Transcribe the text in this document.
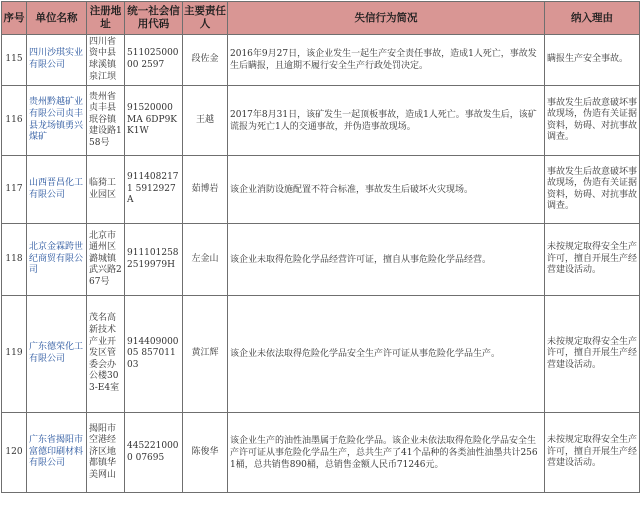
序号	单位名称	注册地址	统一社会信用代码	主要责任人	失信行为简况	纳入理由
115	四川沙琪实业有限公司	四川省资中县球溪镇泉江坝	51102500000 2597	段佐金	2016年9月27日，该企业发生一起生产安全责任事故，造成1人死亡，事故发生后瞒报，且逾期不履行安全生产行政处罚决定。	瞒报生产安全事故。
116	贵州黔越矿业有限公司贞丰县龙场镇勇兴煤矿	贵州省贞丰县珉谷镇建设路158号	91520000MA 6DP9KK1W	王越	2017年8月31日，该矿发生一起顶板事故，造成1人死亡。事故发生后，该矿谎报为死亡1人的交通事故，并伪造事故现场。	事故发生后故意破坏事故现场，伪造有关证据资料，妨碍、对抗事故调查。
117	山西晋昌化工有限公司	临猗工业园区	9114082171 5912927A	茹博岩	该企业消防设施配置不符合标准，事故发生后破坏火灾现场。	事故发生后故意破坏事故现场，伪造有关证据资料，妨碍、对抗事故调查。
118	北京金霖跨世纪商贸有限公司	北京市通州区潞城镇武兴路267号	911101258 2519979H	左金山	该企业未取得危险化学品经营许可证，擅自从事危险化学品经营。	未按规定取得安全生产许可，擅自开展生产经营建设活动。
119	广东德荣化工有限公司	茂名高新技术产业开发区管委会办公楼303-E4室	91440900005 85701103	黄江辉	该企业未依法取得危险化学品安全生产许可证从事危险化学品生产。	未按规定取得安全生产许可，擅自开展生产经营建设活动。
120	广东省揭阳市富德印刷材料有限公司	揭阳市空港经济区地都镇华美网山	4452210000 07695	陈俊华	该企业生产的油性油墨属于危险化学品。该企业未依法取得危险化学品安全生产许可证从事危险化学品生产，总共生产了41个品种的各类油性油墨共计2561桶，总共销售890桶，总销售金额人民币71246元。	未按规定取得安全生产许可，擅自开展生产经营建设活动。
